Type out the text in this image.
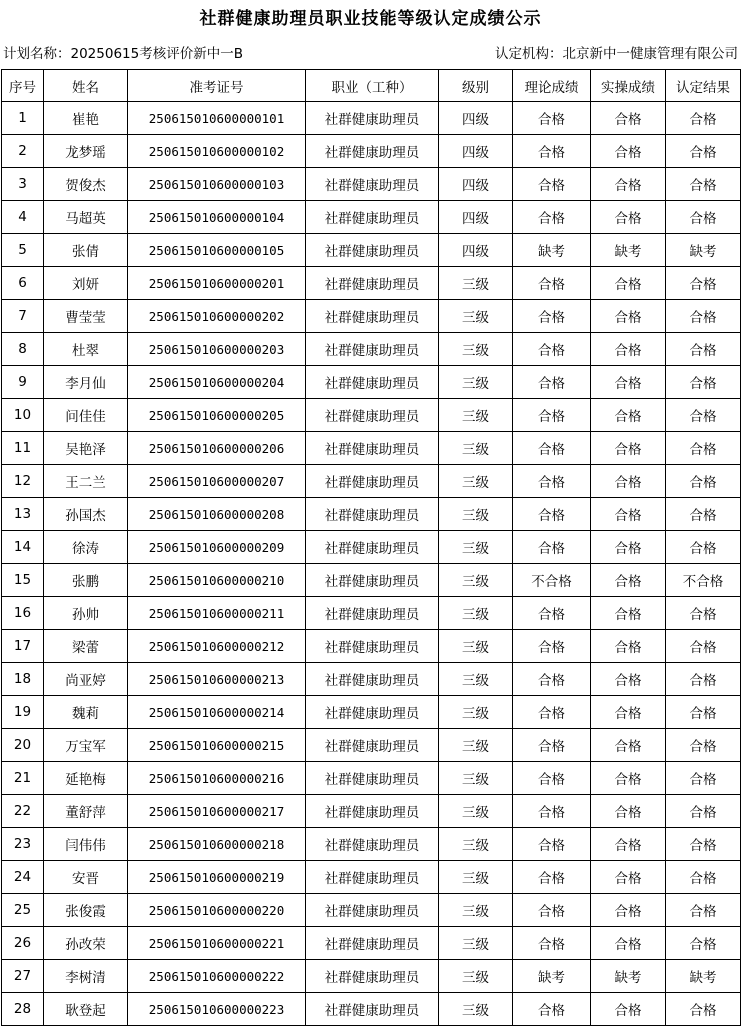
社群健康助理员职业技能等级认定成绩公示
计划名称：20250615考核评价新中一B	认定机构：北京新中一健康管理有限公司
序号	姓名	准考证号	职业（工种）	级别	理论成绩	实操成绩	认定结果
1	崔艳	250615010600000101	社群健康助理员	四级	合格	合格	合格
2	龙梦瑶	250615010600000102	社群健康助理员	四级	合格	合格	合格
3	贺俊杰	250615010600000103	社群健康助理员	四级	合格	合格	合格
4	马超英	250615010600000104	社群健康助理员	四级	合格	合格	合格
5	张倩	250615010600000105	社群健康助理员	四级	缺考	缺考	缺考
6	刘妍	250615010600000201	社群健康助理员	三级	合格	合格	合格
7	曹莹莹	250615010600000202	社群健康助理员	三级	合格	合格	合格
8	杜翠	250615010600000203	社群健康助理员	三级	合格	合格	合格
9	李月仙	250615010600000204	社群健康助理员	三级	合格	合格	合格
10	问佳佳	250615010600000205	社群健康助理员	三级	合格	合格	合格
11	吴艳泽	250615010600000206	社群健康助理员	三级	合格	合格	合格
12	王二兰	250615010600000207	社群健康助理员	三级	合格	合格	合格
13	孙国杰	250615010600000208	社群健康助理员	三级	合格	合格	合格
14	徐涛	250615010600000209	社群健康助理员	三级	合格	合格	合格
15	张鹏	250615010600000210	社群健康助理员	三级	不合格	合格	不合格
16	孙帅	250615010600000211	社群健康助理员	三级	合格	合格	合格
17	梁蕾	250615010600000212	社群健康助理员	三级	合格	合格	合格
18	尚亚婷	250615010600000213	社群健康助理员	三级	合格	合格	合格
19	魏莉	250615010600000214	社群健康助理员	三级	合格	合格	合格
20	万宝军	250615010600000215	社群健康助理员	三级	合格	合格	合格
21	延艳梅	250615010600000216	社群健康助理员	三级	合格	合格	合格
22	董舒萍	250615010600000217	社群健康助理员	三级	合格	合格	合格
23	闫伟伟	250615010600000218	社群健康助理员	三级	合格	合格	合格
24	安晋	250615010600000219	社群健康助理员	三级	合格	合格	合格
25	张俊霞	250615010600000220	社群健康助理员	三级	合格	合格	合格
26	孙改荣	250615010600000221	社群健康助理员	三级	合格	合格	合格
27	李树清	250615010600000222	社群健康助理员	三级	缺考	缺考	缺考
28	耿登起	250615010600000223	社群健康助理员	三级	合格	合格	合格
